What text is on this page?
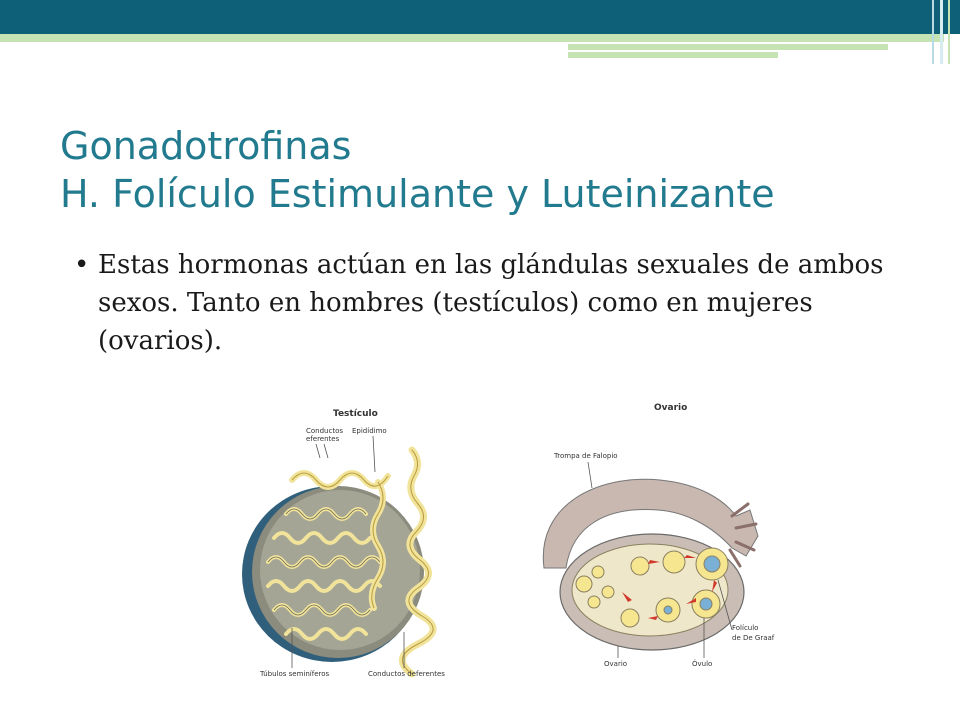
Gonadotrofinas
H. Folículo Estimulante y Luteinizante
• Estas hormonas actúan en las glándulas sexuales de ambos sexos. Tanto en hombres (testículos) como en mujeres (ovarios).
Testículo
Conductos
eferentes
Epidídimo
Túbulos seminíferos	Conductos deferentes
Ovario
Trompa de Falopio
Folículo
de De Graaf
Ovario	Óvulo
